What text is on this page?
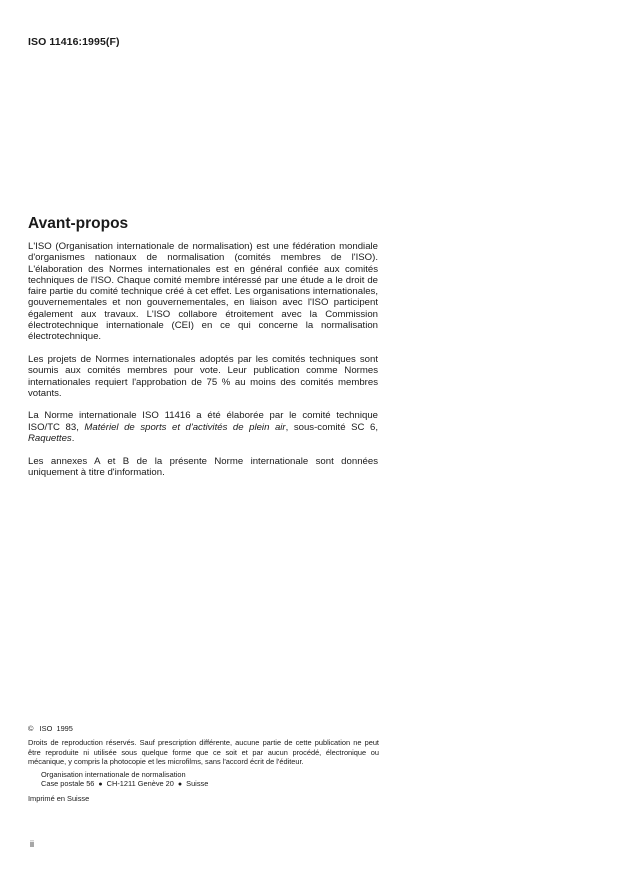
ISO 11416:1995(F)
Avant-propos

L'ISO (Organisation internationale de normalisation) est une fédération mondiale d'organismes nationaux de normalisation (comités membres de l'ISO). L'élaboration des Normes internationales est en général confiée aux comités techniques de l'ISO. Chaque comité membre intéressé par une étude a le droit de faire partie du comité technique créé à cet effet. Les organisations internationales, gouvernementales et non gouvernementales, en liaison avec l'ISO participent également aux travaux. L'ISO collabore étroitement avec la Commission électrotechnique internationale (CEI) en ce qui concerne la normalisation électrotechnique.

Les projets de Normes internationales adoptés par les comités techniques sont soumis aux comités membres pour vote. Leur publication comme Normes internationales requiert l'approbation de 75 % au moins des comités membres votants.

La Norme internationale ISO 11416 a été élaborée par le comité technique ISO/TC 83, Matériel de sports et d'activités de plein air, sous-comité SC 6, Raquettes.

Les annexes A et B de la présente Norme internationale sont données uniquement à titre d'information.

© ISO  1995
Droits de reproduction réservés. Sauf prescription différente, aucune partie de cette publication ne peut être reproduite ni utilisée sous quelque forme que ce soit et par aucun procédé, électronique ou mécanique, y compris la photocopie et les microfilms, sans l'accord écrit de l'éditeur.
Organisation internationale de normalisation
Case postale 56 ● CH-1211 Genève 20 ● Suisse
Imprimé en Suisse
ii
